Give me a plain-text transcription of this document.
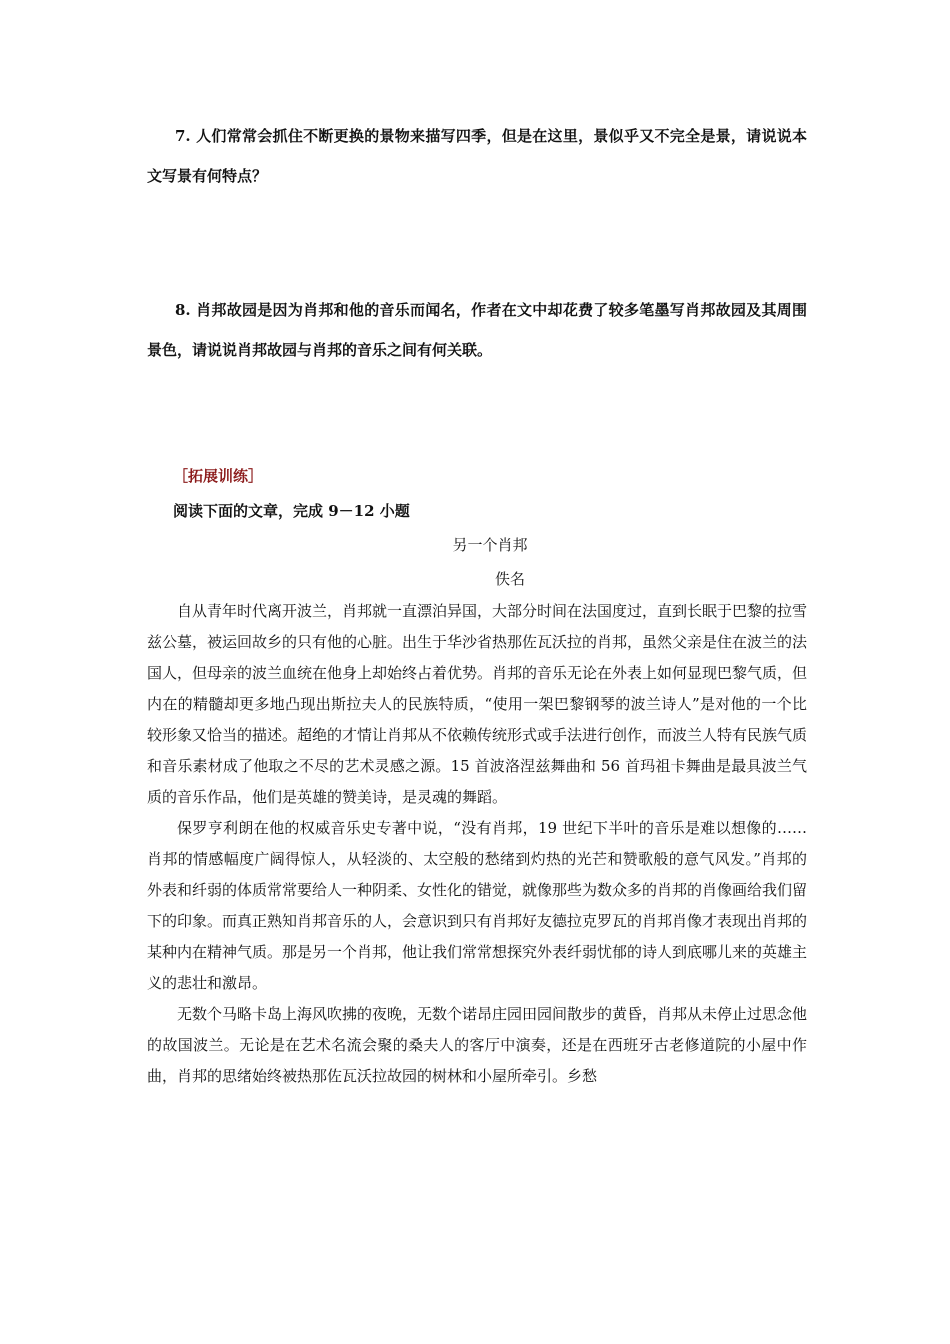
7. 人们常常会抓住不断更换的景物来描写四季，但是在这里，景似乎又不完全是景，请说说本文写景有何特点？

8. 肖邦故园是因为肖邦和他的音乐而闻名，作者在文中却花费了较多笔墨写肖邦故园及其周围景色，请说说肖邦故园与肖邦的音乐之间有何关联。

［拓展训练］

阅读下面的文章，完成 9－12 小题

另一个肖邦

佚名

自从青年时代离开波兰，肖邦就一直漂泊异国，大部分时间在法国度过，直到长眠于巴黎的拉雪兹公墓，被运回故乡的只有他的心脏。出生于华沙省热那佐瓦沃拉的肖邦，虽然父亲是住在波兰的法国人，但母亲的波兰血统在他身上却始终占着优势。肖邦的音乐无论在外表上如何显现巴黎气质，但内在的精髓却更多地凸现出斯拉夫人的民族特质，“使用一架巴黎钢琴的波兰诗人”是对他的一个比较形象又恰当的描述。超绝的才情让肖邦从不依赖传统形式或手法进行创作，而波兰人特有民族气质和音乐素材成了他取之不尽的艺术灵感之源。15 首波洛涅兹舞曲和 56 首玛祖卡舞曲是最具波兰气质的音乐作品，他们是英雄的赞美诗，是灵魂的舞蹈。

保罗亨利朗在他的权威音乐史专著中说，“没有肖邦，19 世纪下半叶的音乐是难以想像的……肖邦的情感幅度广阔得惊人，从轻淡的、太空般的愁绪到灼热的光芒和赞歌般的意气风发。”肖邦的外表和纤弱的体质常常要给人一种阴柔、女性化的错觉，就像那些为数众多的肖邦的肖像画给我们留下的印象。而真正熟知肖邦音乐的人，会意识到只有肖邦好友德拉克罗瓦的肖邦肖像才表现出肖邦的某种内在精神气质。那是另一个肖邦，他让我们常常想探究外表纤弱忧郁的诗人到底哪儿来的英雄主义的悲壮和激昂。

无数个马略卡岛上海风吹拂的夜晚，无数个诺昂庄园田园间散步的黄昏，肖邦从未停止过思念他的故国波兰。无论是在艺术名流会聚的桑夫人的客厅中演奏，还是在西班牙古老修道院的小屋中作曲，肖邦的思绪始终被热那佐瓦沃拉故园的树林和小屋所牵引。乡愁
